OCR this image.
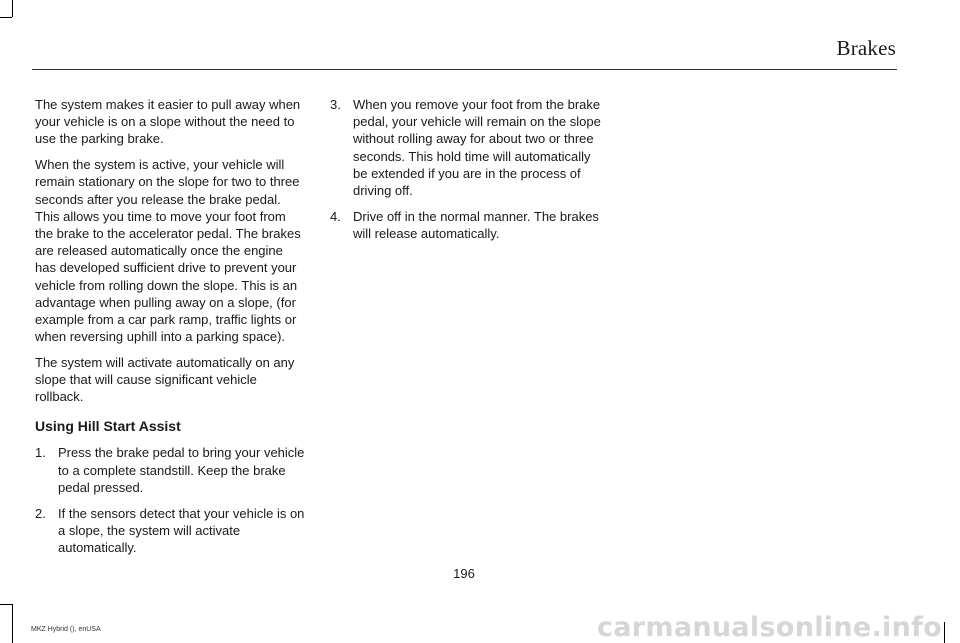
Brakes

The system makes it easier to pull away when your vehicle is on a slope without the need to use the parking brake.

When the system is active, your vehicle will remain stationary on the slope for two to three seconds after you release the brake pedal. This allows you time to move your foot from the brake to the accelerator pedal. The brakes are released automatically once the engine has developed sufficient drive to prevent your vehicle from rolling down the slope. This is an advantage when pulling away on a slope, (for example from a car park ramp, traffic lights or when reversing uphill into a parking space).

The system will activate automatically on any slope that will cause significant vehicle rollback.

Using Hill Start Assist
1. Press the brake pedal to bring your vehicle to a complete standstill. Keep the brake pedal pressed.
2. If the sensors detect that your vehicle is on a slope, the system will activate automatically.
3. When you remove your foot from the brake pedal, your vehicle will remain on the slope without rolling away for about two or three seconds. This hold time will automatically be extended if you are in the process of driving off.
4. Drive off in the normal manner. The brakes will release automatically.
196
MKZ Hybrid (), enUSA	carmanualsonline.info
